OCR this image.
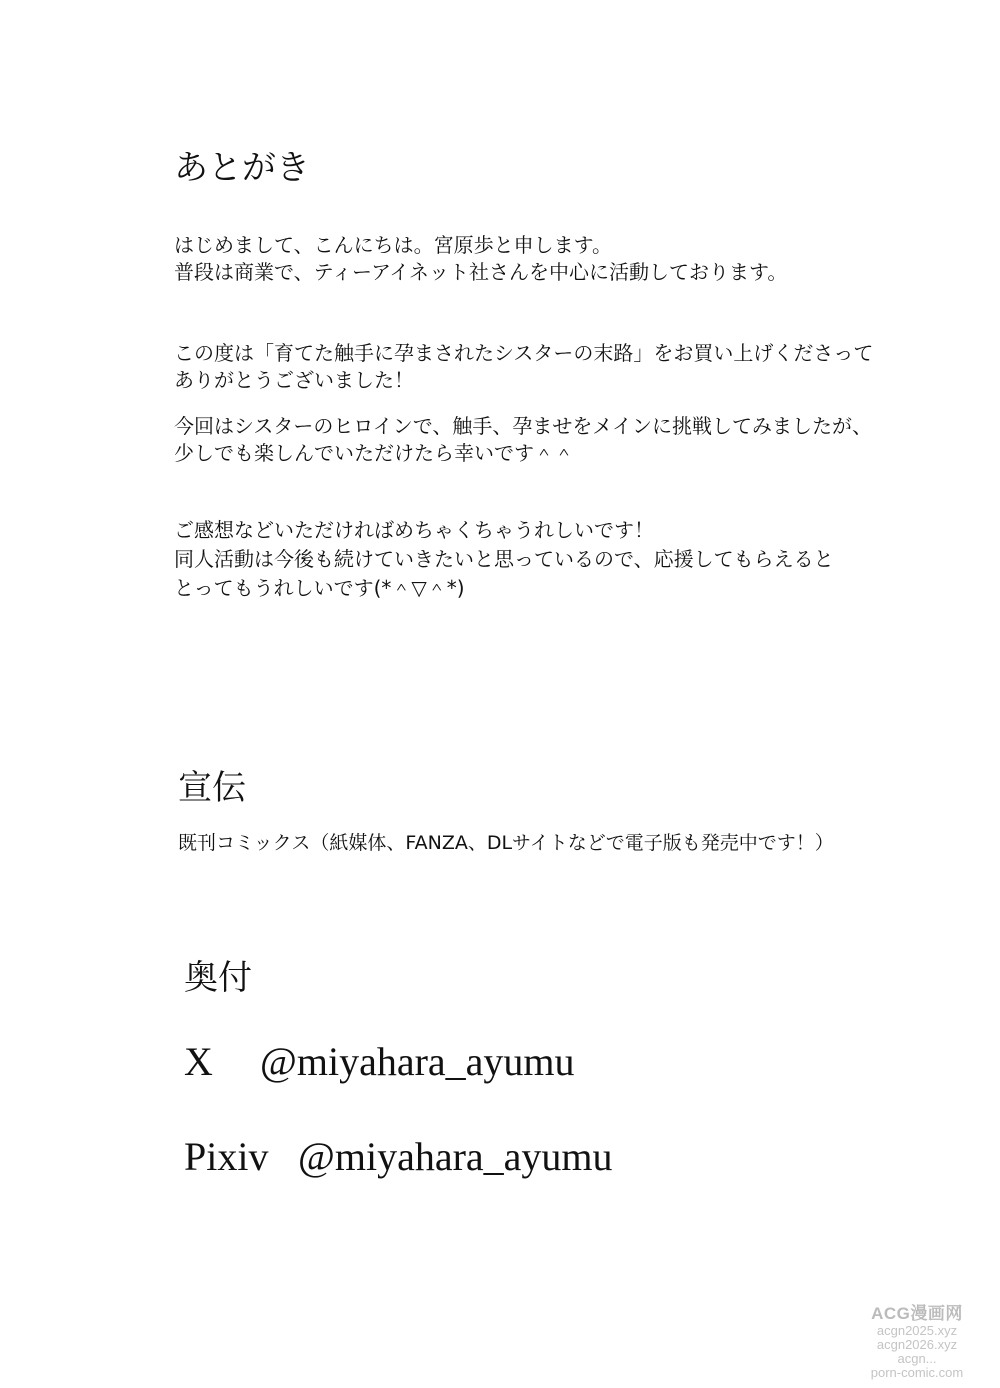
あとがき
はじめまして、こんにちは。宮原歩と申します。
普段は商業で、ティーアイネット社さんを中心に活動しております。
この度は「育てた触手に孕まされたシスターの末路」をお買い上げくださって
ありがとうございました！
今回はシスターのヒロインで、触手、孕ませをメインに挑戦してみましたが、
少しでも楽しんでいただけたら幸いです＾＾
ご感想などいただければめちゃくちゃうれしいです！
同人活動は今後も続けていきたいと思っているので、応援してもらえると
とってもうれしいです(*＾▽＾*)
宣伝
既刊コミックス（紙媒体、FANZA、DLサイトなどで電子版も発売中です！）
奥付
X @miyahara_ayumu
Pixiv @miyahara_ayumu
ACG漫画网
acgn2025.xyz
acgn2026.xyz
acgn...
porn-comic.com
